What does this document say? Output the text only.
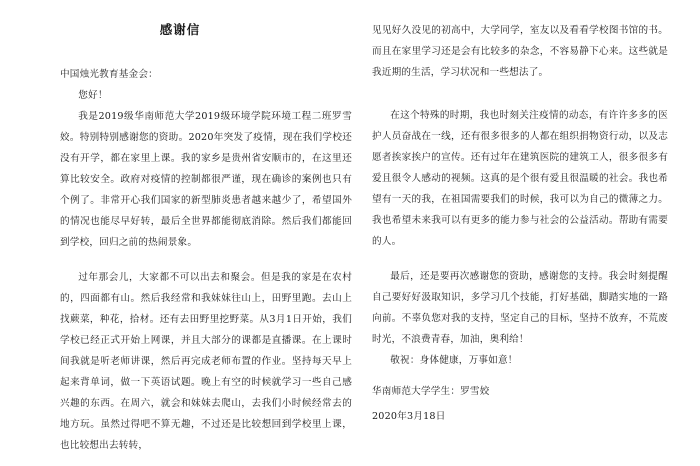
感谢信

中国烛光教育基金会：

您好！

我是2019级华南师范大学2019级环境学院环境工程二班罗雪姣。特别特别感谢您的资助。2020年突发了疫情，现在我们学校还没有开学，都在家里上课。我的家乡是贵州省安顺市的，在这里还算比较安全。政府对疫情的控制都很严谨，现在确诊的案例也只有个例了。非常开心我们国家的新型肺炎患者越来越少了，希望国外的情况也能尽早好转，最后全世界都能彻底消除。然后我们都能回到学校，回归之前的热闹景象。

过年那会儿，大家都不可以出去和聚会。但是我的家是在农村的，四面都有山。然后我经常和我妹妹往山上，田野里跑。去山上找蕨菜，种花，拾材。还有去田野里挖野菜。从3月1日开始，我们学校已经正式开始上网课，并且大部分的课都是直播课。在上课时间我就是听老师讲课，然后再完成老师布置的作业。坚持每天早上起来背单词，做一下英语试题。晚上有空的时候就学习一些自己感兴趣的东西。在周六，就会和妹妹去爬山，去我们小时候经常去的地方玩。虽然过得吧不算无趣，不过还是比较想回到学校里上课，也比较想出去转转，

见见好久没见的初高中，大学同学，室友以及看看学校图书馆的书。而且在家里学习还是会有比较多的杂念，不容易静下心来。这些就是我近期的生活，学习状况和一些想法了。

在这个特殊的时期，我也时刻关注疫情的动态，有许许多多的医护人员奋战在一线，还有很多很多的人都在组织捐物资行动，以及志愿者挨家挨户的宣传。还有过年在建筑医院的建筑工人，很多很多有爱且很令人感动的视频。这真的是个很有爱且很温暖的社会。我也希望有一天的我，在祖国需要我们的时候，我可以为自己的微薄之力。我也希望未来我可以有更多的能力参与社会的公益活动。帮助有需要的人。

最后，还是要再次感谢您的资助，感谢您的支持。我会时刻提醒自己要好好汲取知识，多学习几个技能，打好基础，脚踏实地的一路向前。不辜负您对我的支持，坚定自己的目标，坚持不放弃，不荒废时光，不浪费青春，加油，奥利给！

敬祝：身体健康，万事如意！

华南师范大学学生：罗雪姣

2020年3月18日
